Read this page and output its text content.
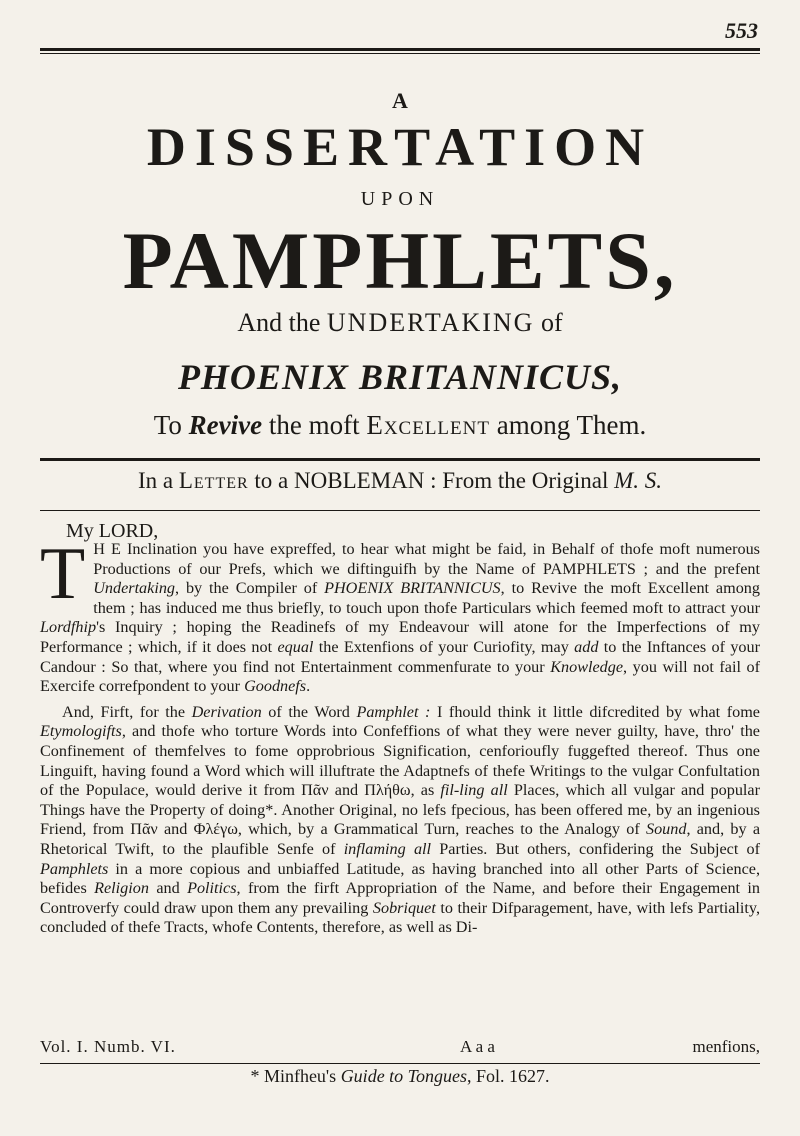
553
A
DISSERTATION
UPON
PAMPHLETS,
And the UNDERTAKING of
PHOENIX BRITANNICUS,
To Revive the moft Excellent among Them.
In a Letter to a NOBLEMAN : From the Original M. S.
My LORD,

T H E Inclination you have expreffed, to hear what might be faid, in Behalf of thofe moft numerous Productions of our Prefs, which we diftinguifh by the Name of PAMPHLETS ; and the prefent Undertaking, by the Compiler of PHOENIX BRITANNICUS, to Revive the moft Excellent among them ; has induced me thus briefly, to touch upon thofe Particulars which feemed moft to attract your Lordfhip's Inquiry ; hoping the Readinefs of my Endeavour will atone for the Imperfections of my Performance ; which, if it does not equal the Extenfions of your Curiofity, may add to the Inftances of your Candour : So that, where you find not Entertainment commenfurate to your Knowledge, you will not fail of Exercife correfpondent to your Goodnefs.

And, Firft, for the Derivation of the Word Pamphlet : I fhould think it little difcredited by what fome Etymologifts, and thofe who torture Words into Confeffions of what they were never guilty, have, thro' the Confinement of themfelves to fome opprobrious Signification, cenforioufly fuggefted thereof. Thus one Linguift, having found a Word which will illuftrate the Adaptnefs of thefe Writings to the vulgar Confultation of the Populace, would derive it from Πᾶν and Πλήθω, as fil-ling all Places, which all vulgar and popular Things have the Property of doing*. Another Original, no lefs fpecious, has been offered me, by an ingenious Friend, from Πᾶν and Φλέγω, which, by a Grammatical Turn, reaches to the Analogy of Sound, and, by a Rhetorical Twift, to the plaufible Senfe of inflaming all Parties. But others, confidering the Subject of Pamphlets in a more copious and unbiaffed Latitude, as having branched into all other Parts of Science, befides Religion and Politics, from the firft Appropriation of the Name, and before their Engagement in Controverfy could draw upon them any prevailing Sobriquet to their Difparagement, have, with lefs Partiality, concluded of thefe Tracts, whofe Contents, therefore, as well as Di-

Vol. I. Numb. VI.	A a a	menfions,
* Minfheu's Guide to Tongues, Fol. 1627.
